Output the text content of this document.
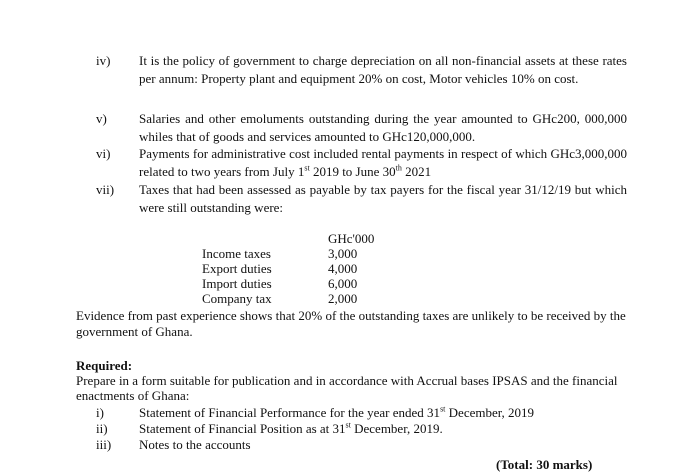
iv) It is the policy of government to charge depreciation on all non-financial assets at these rates per annum: Property plant and equipment 20% on cost, Motor vehicles 10% on cost.
v) Salaries and other emoluments outstanding during the year amounted to GHc200, 000,000 whiles that of goods and services amounted to GHc120,000,000.
vi) Payments for administrative cost included rental payments in respect of which GHc3,000,000 related to two years from July 1st 2019 to June 30th 2021
vii) Taxes that had been assessed as payable by tax payers for the fiscal year 31/12/19 but which were still outstanding were:
GHc'000
Income taxes	3,000
Export duties	4,000
Import duties	6,000
Company tax	2,000
Evidence from past experience shows that 20% of the outstanding taxes are unlikely to be received by the government of Ghana.
Required:
Prepare in a form suitable for publication and in accordance with Accrual bases IPSAS and the financial enactments of Ghana:
i)	Statement of Financial Performance for the year ended 31st December, 2019
ii) Statement of Financial Position as at 31st December, 2019.
iii) Notes to the accounts
(Total: 30 marks)
